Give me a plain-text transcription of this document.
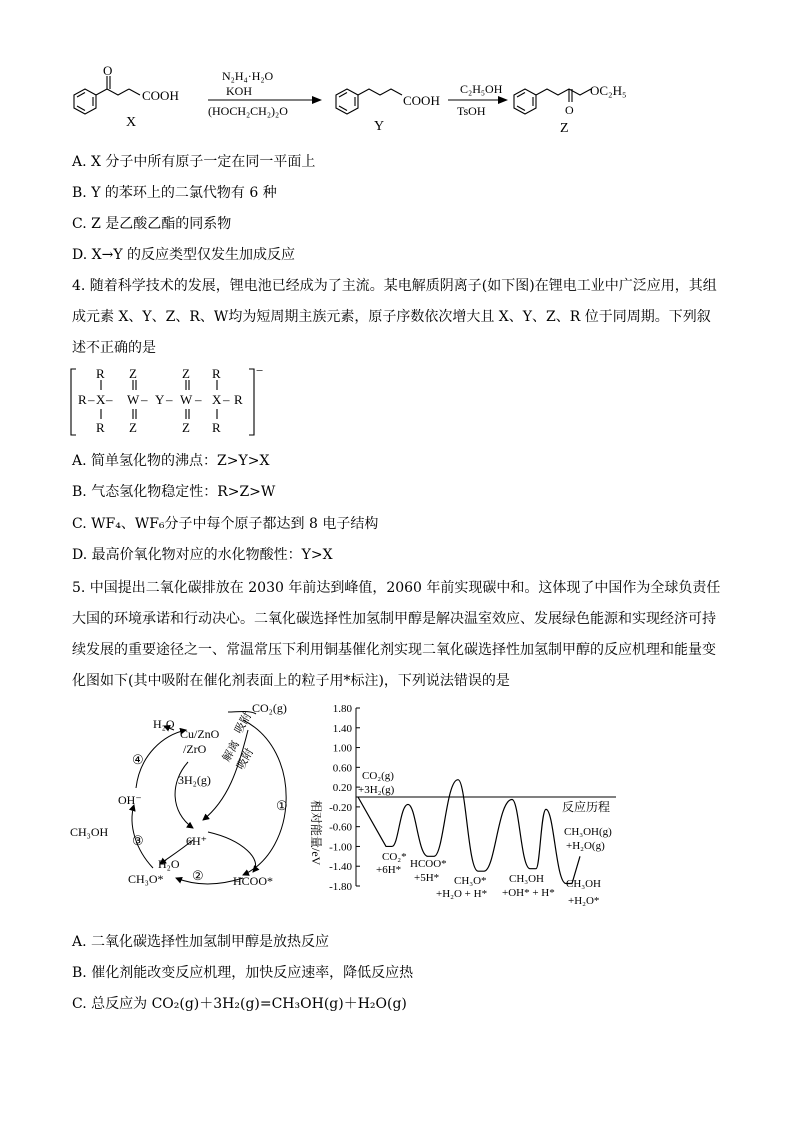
O
COOH
X
N₂H₄·H₂O
KOH
(HOCH₂CH₂)₂O
COOH
Y
C₂H₅OH
TsOH
OC₂H₅
O
Z
A. X 分子中所有原子一定在同一平面上
B. Y 的苯环上的二氯代物有 6 种
C. Z 是乙酸乙酯的同系物
D. X→Y 的反应类型仅发生加成反应
4. 随着科学技术的发展，锂电池已经成为了主流。某电解质阴离子(如下图)在锂电工业中广泛应用，其组成元素 X、Y、Z、R、W均为短周期主族元素，原子序数依次增大且 X、Y、Z、R 位于同周期。下列叙述不正确的是
R Z	Z R
R – X – W – Y – W – X – R
R Z	Z R
−
A. 简单氢化物的沸点：Z>Y>X
B. 气态氢化物稳定性：R>Z>W
C. WF₄、WF₆分子中每个原子都达到 8 电子结构
D. 最高价氧化物对应的水化物酸性：Y>X
5. 中国提出二氧化碳排放在 2030 年前达到峰值，2060 年前实现碳中和。这体现了中国作为全球负责任大国的环境承诺和行动决心。二氧化碳选择性加氢制甲醇是解决温室效应、发展绿色能源和实现经济可持续发展的重要途径之一、常温常压下利用铜基催化剂实现二氧化碳选择性加氢制甲醇的反应机理和能量变化图如下(其中吸附在催化剂表面上的粒子用*标注)，下列说法错误的是
H₂O
Cu/ZnO
/ZrO
CO₂(g)
吸附
解离
吸附
3H₂(g)
6H⁺
OH⁻
CH₃OH
H₂O
CH₃O*	HCOO*
①
②
③
④
1.80
1.40
1.00
0.60
0.20
-0.20
-0.60
-1.00
-1.40
-1.80
相对能量/eV	反应历程
CO₂(g)
+3H₂(g)
CO₂*
+6H* HCOO*
+5H* CH₃O*
+H₂O + H*
CH₃OH
+OH* + H*
CH₃OH
+H₂O*
CH₃OH(g)
+H₂O(g)
A. 二氧化碳选择性加氢制甲醇是放热反应
B. 催化剂能改变反应机理，加快反应速率，降低反应热
C. 总反应为 CO₂(g)＋3H₂(g)=CH₃OH(g)＋H₂O(g)
